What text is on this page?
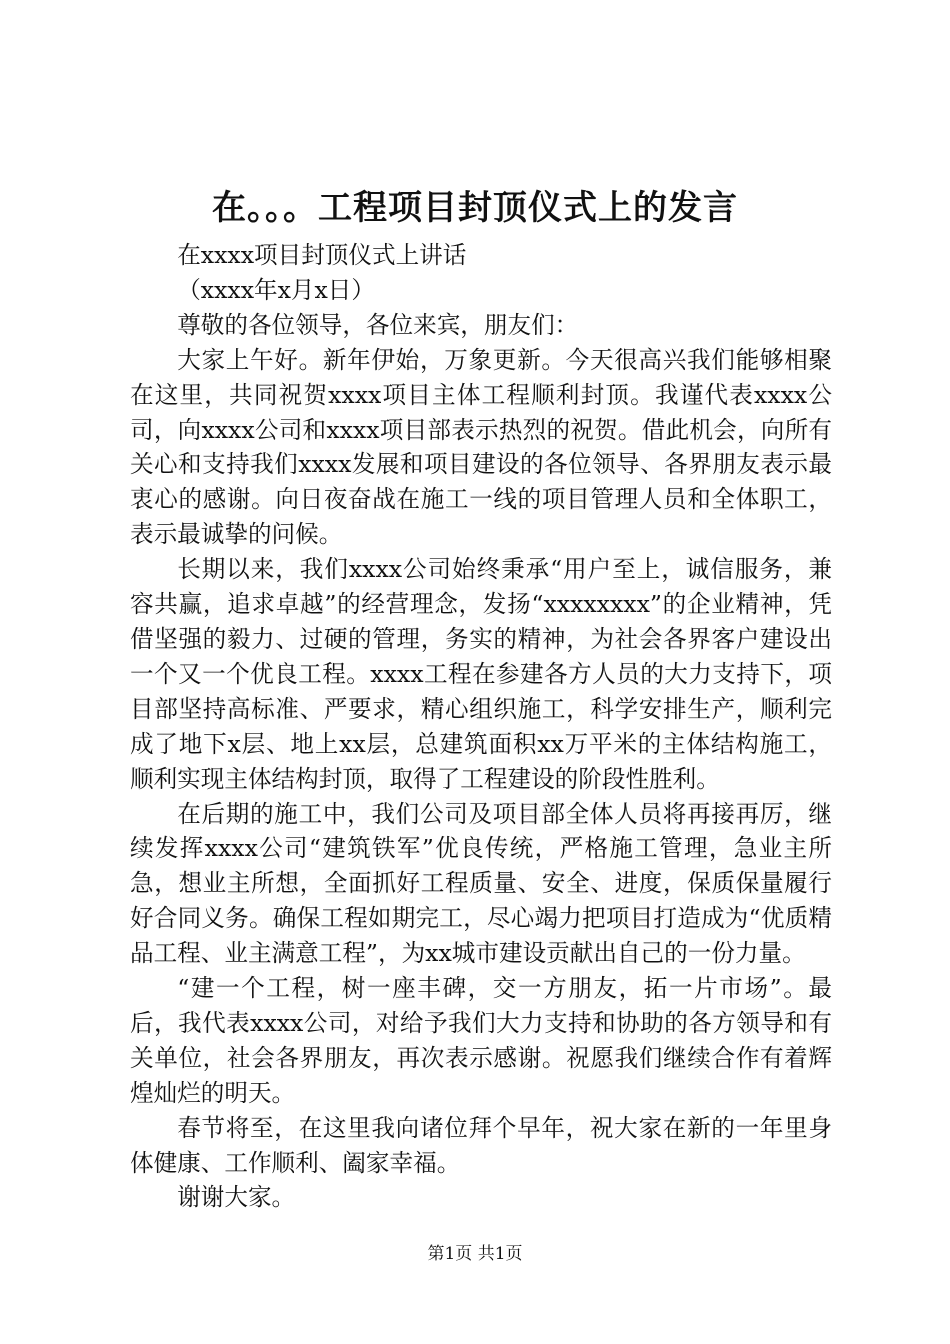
在。。。工程项目封顶仪式上的发言

在xxxx项目封顶仪式上讲话

（xxxx年x月x日）

尊敬的各位领导，各位来宾，朋友们：

大家上午好。新年伊始，万象更新。今天很高兴我们能够相聚在这里，共同祝贺xxxx项目主体工程顺利封顶。我谨代表xxxx公司，向xxxx公司和xxxx项目部表示热烈的祝贺。借此机会，向所有关心和支持我们xxxx发展和项目建设的各位领导、各界朋友表示最衷心的感谢。向日夜奋战在施工一线的项目管理人员和全体职工，表示最诚挚的问候。

长期以来，我们xxxx公司始终秉承“用户至上，诚信服务，兼容共赢，追求卓越”的经营理念，发扬“xxxxxxxx”的企业精神，凭借坚强的毅力、过硬的管理，务实的精神，为社会各界客户建设出一个又一个优良工程。xxxx工程在参建各方人员的大力支持下，项目部坚持高标准、严要求，精心组织施工，科学安排生产，顺利完成了地下x层、地上xx层，总建筑面积xx万平米的主体结构施工，顺利实现主体结构封顶，取得了工程建设的阶段性胜利。

在后期的施工中，我们公司及项目部全体人员将再接再厉，继续发挥xxxx公司“建筑铁军”优良传统，严格施工管理，急业主所急，想业主所想，全面抓好工程质量、安全、进度，保质保量履行好合同义务。确保工程如期完工，尽心竭力把项目打造成为“优质精品工程、业主满意工程”，为xx城市建设贡献出自己的一份力量。

“建一个工程，树一座丰碑，交一方朋友，拓一片市场”。最后，我代表xxxx公司，对给予我们大力支持和协助的各方领导和有关单位，社会各界朋友，再次表示感谢。祝愿我们继续合作有着辉煌灿烂的明天。

春节将至，在这里我向诸位拜个早年，祝大家在新的一年里身体健康、工作顺利、阖家幸福。

谢谢大家。

第1页 共1页
